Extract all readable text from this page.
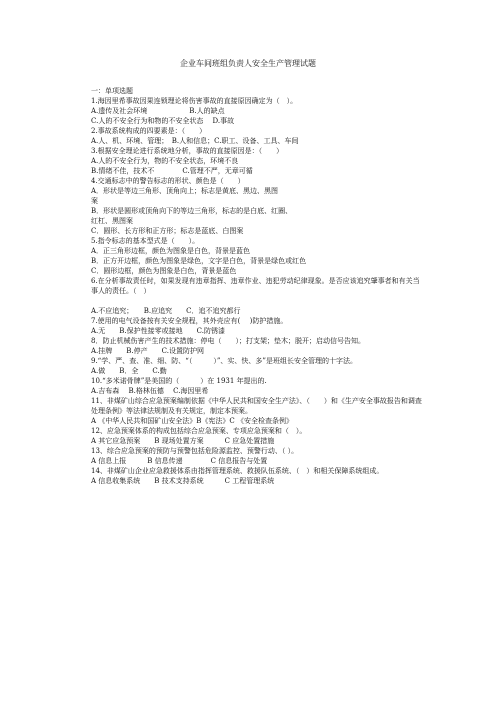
企业车间班组负责人安全生产管理试题
一：单项选题
1.海因里希事故因果连锁理论将伤害事故的直接原因确定为（　）。
A.遗传及社会环境　　　　　　B.人的缺点
C.人的不安全行为和物的不安全状态　 D.事故
2.事故系统构成的四要素是：（　　）
A.人、机、环境、管理；　B.人和信息；C.职工、设备、工具、车间
3.根据安全理论进行系统地分析，事故的直接原因是：（　　）
A.人的不安全行为，物的不安全状态，环境不良
B.情绪不佳，技术不　　　　C.管理不严，无章可循
4.交通标志中的警告标志的形状、颜色是（　　）
A．形状是等边三角形、顶角向上；标志是黄底、黑边、黑图
案
B．形状是圆形或顶角向下的等边三角形，标志的是白底、红圈、
红杠、黑图案
C．圆形、长方形和正方形；标志是蓝底、白图案
5.指令标志的基本型式是（　　）。
A．正三角形边框，颜色为图象是白色，背景是蓝色
B．正方开边框，颜色为图象是绿色，文字是白色，背景是绿色或红色
C．圆形边框，颜色为图象是白色，背景是蓝色
6.在分析事故责任时，如果发现有违章指挥、违章作业、违犯劳动纪律现象。是否应该追究肇事者和有关当事人的责任。（　）
A.不应追究；　　B.应追究　　C．追不追究都行
7.使用的电气设备按有关安全规程，其外壳应有(　 )防护措施。
A.无　　B.保护性接零或接地　　C.防锈漆
8．防止机械伤害产生的技术措施：停电（　　）；打支架；垫木；脱开；启动信号告知。
A.挂牌　　B.停产　　C.设置防护网
9.“学、严、查、准、细、防、“（　　　）”、实、快、多”是班组长安全管理的十字法。
A.做　　B．全　　C.勤
10.“多米诺骨牌”是美国的（　　　）在 1931 年提出的.
A.吉布森　 B.格林伍德　 C.海因里希
11、非煤矿山综合应急预案编制依据《中华人民共和国安全生产法》、（　　）和《生产安全事故报告和调查处理条例》等法律法规制及有关规定，制定本预案。
A 《中华人民共和国矿山安全法》B《宪法》C 《安全检查条例》
12、应急预案体系的构成包括综合应急预案、专项应急预案和（　）。
A 其它应急预案　　B 现场处置方案　　　C 应急处置措施
13、综合应急预案的预防与预警包括危险源监控、预警行动、（ ）。
A 信息上报　　　B 信息传递　　　　C 信息报告与处置
14、非煤矿山企业应急救援体系由指挥管理系统、救援队伍系统、（　）和相关保障系统组成。
A 信息收集系统　　B 技术支持系统　　　C 工程管理系统
